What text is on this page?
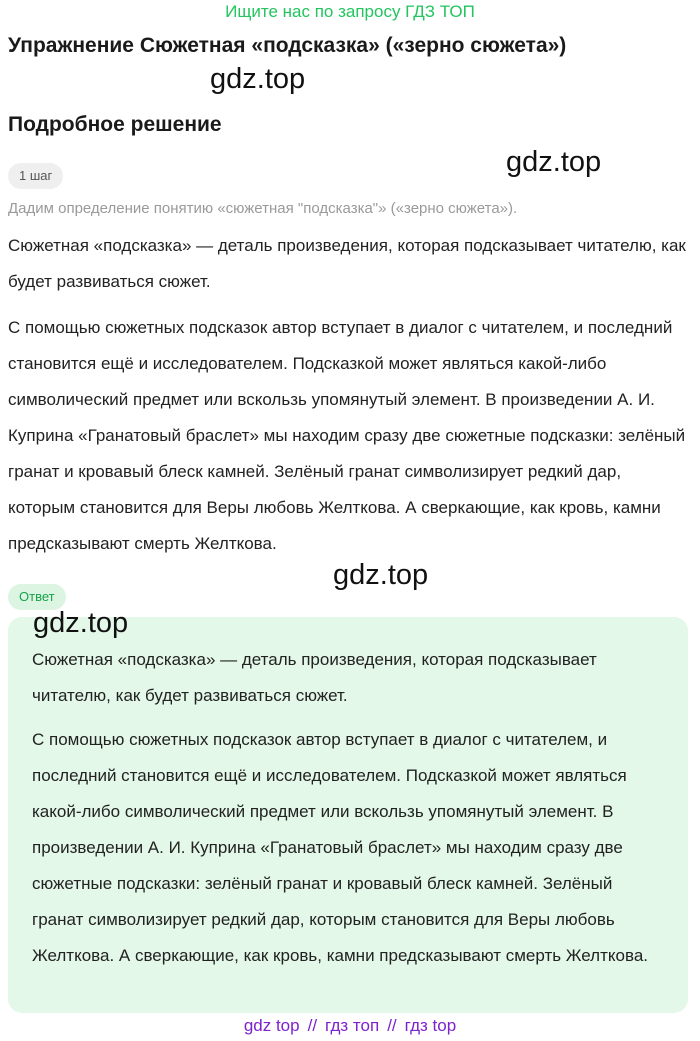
Ищите нас по запросу ГДЗ ТОП
Упражнение Сюжетная «подсказка» («зерно сюжета»)
gdz.top
Подробное решение
gdz.top
1 шаг
Дадим определение понятию «сюжетная "подсказка"» («зерно сюжета»).

Сюжетная «подсказка» — деталь произведения, которая подсказывает читателю, как будет развиваться сюжет.

С помощью сюжетных подсказок автор вступает в диалог с читателем, и последний становится ещё и исследователем. Подсказкой может являться какой-либо символический предмет или вскользь упомянутый элемент. В произведении А. И. Куприна «Гранатовый браслет» мы находим сразу две сюжетные подсказки: зелёный гранат и кровавый блеск камней. Зелёный гранат символизирует редкий дар, которым становится для Веры любовь Желткова. А сверкающие, как кровь, камни предсказывают смерть Желткова.

gdz.top
Ответ
gdz.top

Сюжетная «подсказка» — деталь произведения, которая подсказывает читателю, как будет развиваться сюжет.

С помощью сюжетных подсказок автор вступает в диалог с читателем, и последний становится ещё и исследователем. Подсказкой может являться какой-либо символический предмет или вскользь упомянутый элемент. В произведении А. И. Куприна «Гранатовый браслет» мы находим сразу две сюжетные подсказки: зелёный гранат и кровавый блеск камней. Зелёный гранат символизирует редкий дар, которым становится для Веры любовь Желткова. А сверкающие, как кровь, камни предсказывают смерть Желткова.

gdz top // гдз топ // гдз top
